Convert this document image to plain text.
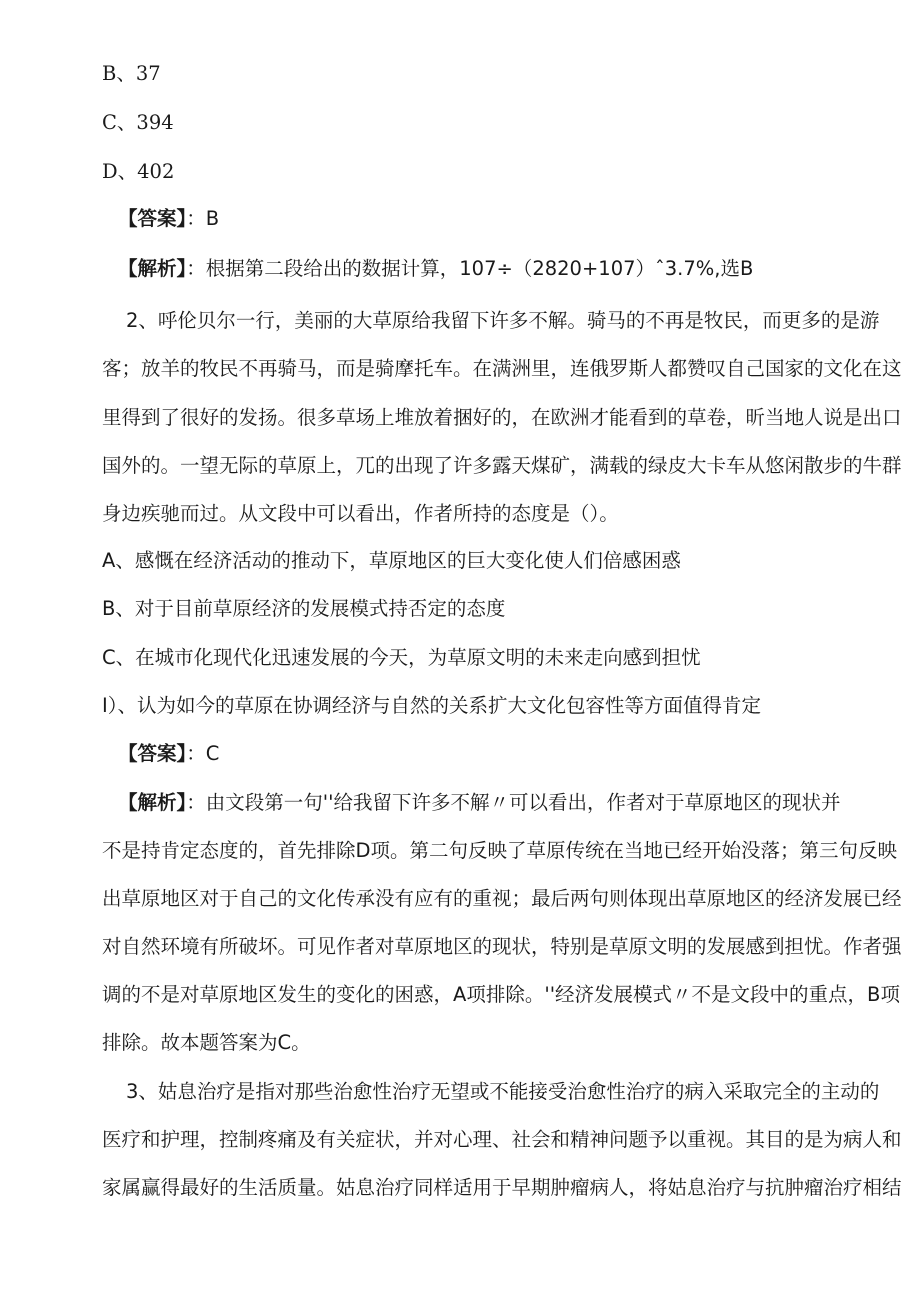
B、37
C、394
D、402
【答案】：B
【解析】：根据第二段给出的数据计算，107÷（2820+107）ˆ3.7%,选B
2、呼伦贝尔一行，美丽的大草原给我留下许多不解。骑马的不再是牧民，而更多的是游
客；放羊的牧民不再骑马，而是骑摩托车。在满洲里，连俄罗斯人都赞叹自己国家的文化在这
里得到了很好的发扬。很多草场上堆放着捆好的，在欧洲才能看到的草卷，昕当地人说是出口
国外的。一望无际的草原上，兀的出现了许多露天煤矿，满载的绿皮大卡车从悠闲散步的牛群
身边疾驰而过。从文段中可以看出，作者所持的态度是（）。
A、感慨在经济活动的推动下，草原地区的巨大变化使人们倍感困惑
B、对于目前草原经济的发展模式持否定的态度
C、在城市化现代化迅速发展的今天，为草原文明的未来走向感到担忧
I）、认为如今的草原在协调经济与自然的关系扩大文化包容性等方面值得肯定
【答案】：C
【解析】：由文段第一句''给我留下许多不解〃可以看出，作者对于草原地区的现状并
不是持肯定态度的，首先排除D项。第二句反映了草原传统在当地已经开始没落；第三句反映
出草原地区对于自己的文化传承没有应有的重视；最后两句则体现出草原地区的经济发展已经
对自然环境有所破坏。可见作者对草原地区的现状，特别是草原文明的发展感到担忧。作者强
调的不是对草原地区发生的变化的困惑，A项排除。''经济发展模式〃不是文段中的重点，B项
排除。故本题答案为C。
3、姑息治疗是指对那些治愈性治疗无望或不能接受治愈性治疗的病入采取完全的主动的
医疗和护理，控制疼痛及有关症状，并对心理、社会和精神问题予以重视。其目的是为病人和
家属赢得最好的生活质量。姑息治疗同样适用于早期肿瘤病人，将姑息治疗与抗肿瘤治疗相结
